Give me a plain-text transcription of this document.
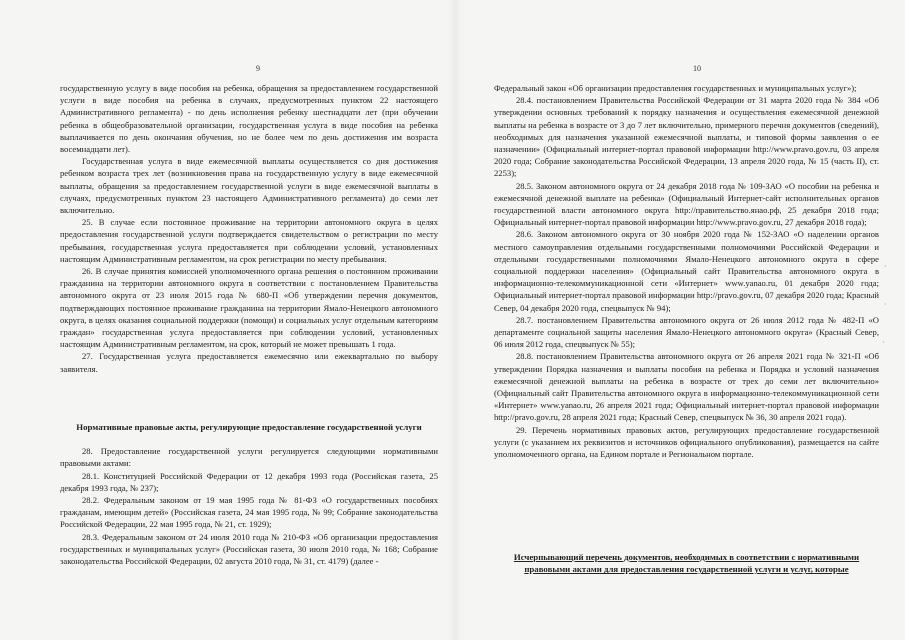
9

государственную услугу в виде пособия на ребенка, обращения за предоставлением государственной услуги в виде пособия на ребенка в случаях, предусмотренных пунктом 22 настоящего Административного регламента) - по день исполнения ребенку шестнадцати лет (при обучении ребенка в общеобразовательной организации, государственная услуга в виде пособия на ребенка выплачивается по день окончания обучения, но не более чем по день достижения им возраста восемнадцати лет).

Государственная услуга в виде ежемесячной выплаты осуществляется со дня достижения ребенком возраста трех лет (возникновения права на государственную услугу в виде ежемесячной выплаты, обращения за предоставлением государственной услуги в виде ежемесячной выплаты в случаях, предусмотренных пунктом 23 настоящего Административного регламента) до семи лет включительно.

25. В случае если постоянное проживание на территории автономного округа в целях предоставления государственной услуги подтверждается свидетельством о регистрации по месту пребывания, государственная услуга предоставляется при соблюдении условий, установленных настоящим Административным регламентом, на срок регистрации по месту пребывания.

26. В случае принятия комиссией уполномоченного органа решения о постоянном проживании гражданина на территории автономного округа в соответствии с постановлением Правительства автономного округа от 23 июля 2015 года № 680-П «Об утверждении перечня документов, подтверждающих постоянное проживание гражданина на территории Ямало-Ненецкого автономного округа, в целях оказания социальной поддержки (помощи) и социальных услуг отдельным категориям граждан» государственная услуга предоставляется при соблюдении условий, установленных настоящим Административным регламентом, на срок, который не может превышать 1 года.

27. Государственная услуга предоставляется ежемесячно или ежеквартально по выбору заявителя.

Нормативные правовые акты, регулирующие предоставление государственной услуги

28. Предоставление государственной услуги регулируется следующими нормативными правовыми актами:

28.1. Конституцией Российской Федерации от 12 декабря 1993 года (Российская газета, 25 декабря 1993 года, № 237);

28.2. Федеральным законом от 19 мая 1995 года № 81-ФЗ «О государственных пособиях гражданам, имеющим детей» (Российская газета, 24 мая 1995 года, № 99; Собрание законодательства Российской Федерации, 22 мая 1995 года, № 21, ст. 1929);

28.3. Федеральным законом от 24 июля 2010 года № 210-ФЗ «Об организации предоставления государственных и муниципальных услуг» (Российская газета, 30 июля 2010 года, № 168; Собрание законодательства Российской Федерации, 02 августа 2010 года, № 31, ст. 4179) (далее -

10

Федеральный закон «Об организации предоставления государственных и муниципальных услуг»);

28.4. постановлением Правительства Российской Федерации от 31 марта 2020 года № 384 «Об утверждении основных требований к порядку назначения и осуществления ежемесячной денежной выплаты на ребенка в возрасте от 3 до 7 лет включительно, примерного перечня документов (сведений), необходимых для назначения указанной ежемесячной выплаты, и типовой формы заявления о ее назначении» (Официальный интернет-портал правовой информации http://www.pravo.gov.ru, 03 апреля 2020 года; Собрание законодательства Российской Федерации, 13 апреля 2020 года, № 15 (часть II), ст. 2253);

28.5. Законом автономного округа от 24 декабря 2018 года № 109-ЗАО «О пособии на ребенка и ежемесячной денежной выплате на ребенка» (Официальный Интернет-сайт исполнительных органов государственной власти автономного округа http://правительство.янао.рф, 25 декабря 2018 года; Официальный интернет-портал правовой информации http://www.pravo.gov.ru, 27 декабря 2018 года);

28.6. Законом автономного округа от 30 ноября 2020 года № 152-ЗАО «О наделении органов местного самоуправления отдельными государственными полномочиями Российской Федерации и отдельными государственными полномочиями Ямало-Ненецкого автономного округа в сфере социальной поддержки населения» (Официальный сайт Правительства автономного округа в информационно-телекоммуникационной сети «Интернет» www.yanao.ru, 01 декабря 2020 года; Официальный интернет-портал правовой информации http://pravo.gov.ru, 07 декабря 2020 года; Красный Север, 04 декабря 2020 года, спецвыпуск № 94);

28.7. постановлением Правительства автономного округа от 26 июля 2012 года № 482-П «О департаменте социальной защиты населения Ямало-Ненецкого автономного округа» (Красный Север, 06 июля 2012 года, спецвыпуск № 55);

28.8. постановлением Правительства автономного округа от 26 апреля 2021 года № 321-П «Об утверждении Порядка назначения и выплаты пособия на ребенка и Порядка и условий назначения ежемесячной денежной выплаты на ребенка в возрасте от трех до семи лет включительно» (Официальный сайт Правительства автономного округа в информационно-телекоммуникационной сети «Интернет» www.yanao.ru, 26 апреля 2021 года; Официальный интернет-портал правовой информации http://pravo.gov.ru, 28 апреля 2021 года; Красный Север, спецвыпуск № 36, 30 апреля 2021 года).

29. Перечень нормативных правовых актов, регулирующих предоставление государственной услуги (с указанием их реквизитов и источников официального опубликования), размещается на сайте уполномоченного органа, на Едином портале и Региональном портале.

Исчерпывающий перечень документов, необходимых в соответствии с нормативными правовыми актами для предоставления государственной услуги и услуг, которые

·
·
·
